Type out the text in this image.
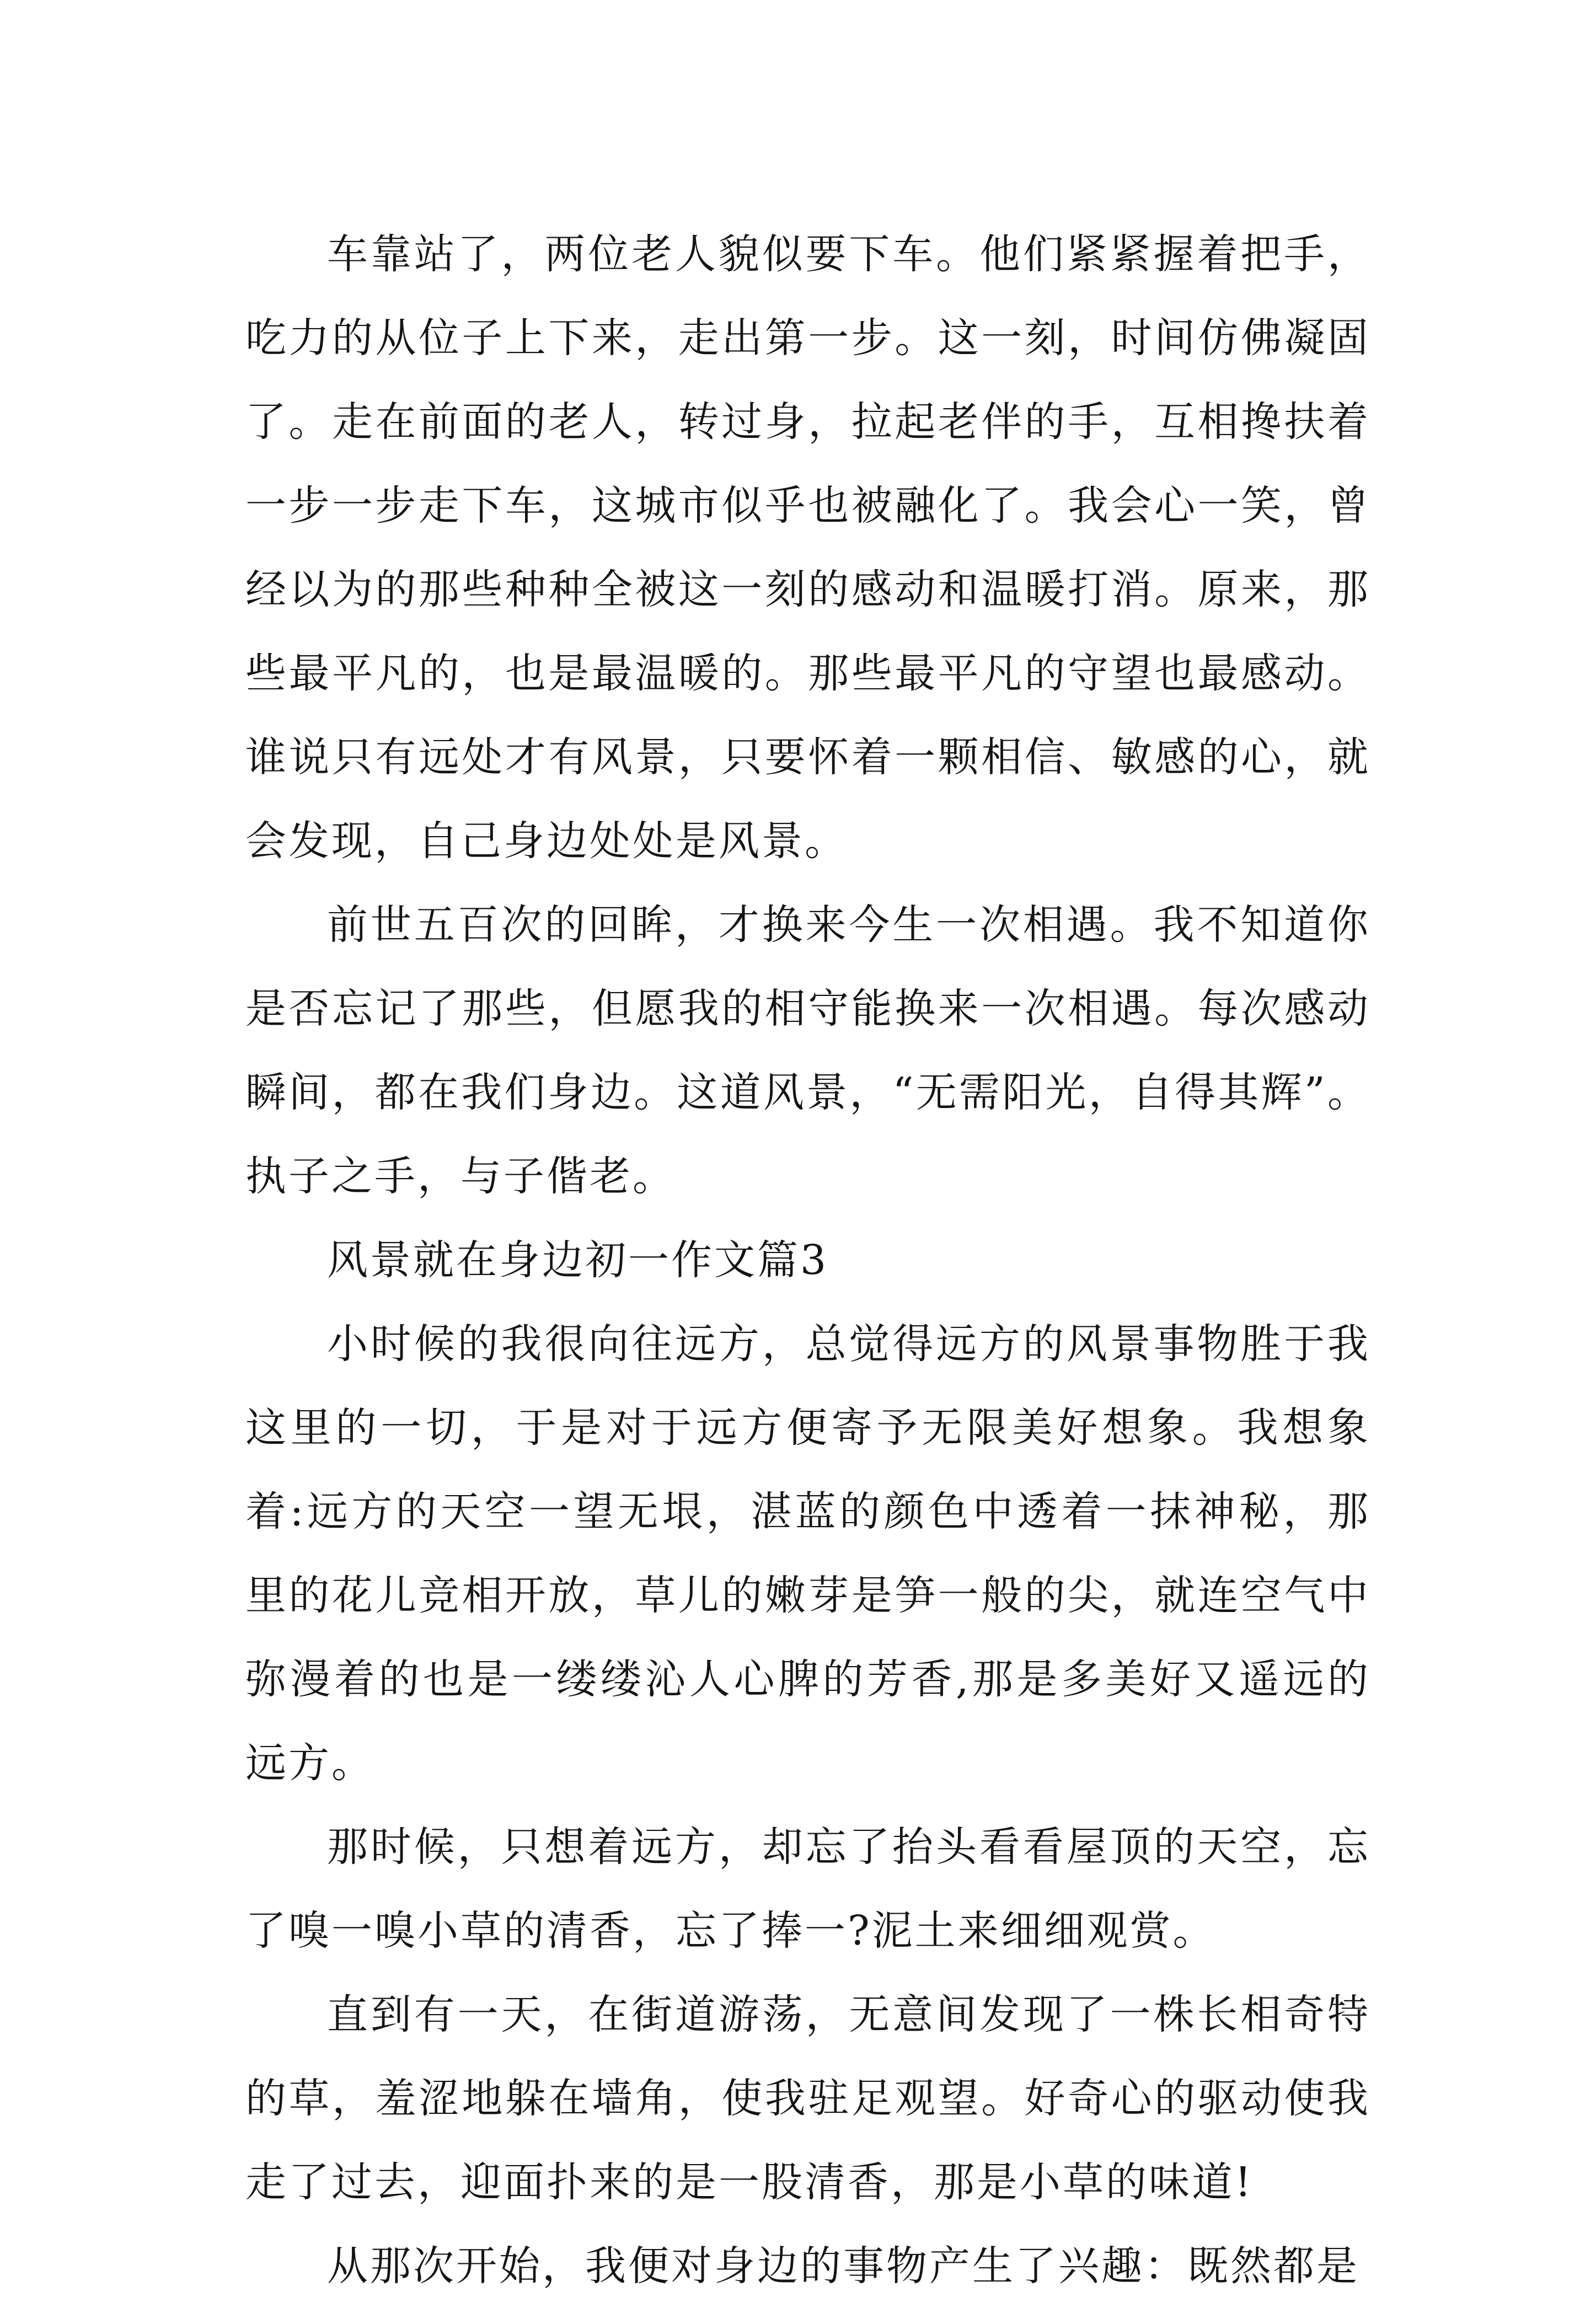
车靠站了，两位老人貌似要下车。他们紧紧握着把手，吃力的从位子上下来，走出第一步。这一刻，时间仿佛凝固了。走在前面的老人，转过身，拉起老伴的手，互相搀扶着一步一步走下车，这城市似乎也被融化了。我会心一笑，曾经以为的那些种种全被这一刻的感动和温暖打消。原来，那些最平凡的，也是最温暖的。那些最平凡的守望也最感动。谁说只有远处才有风景，只要怀着一颗相信、敏感的心，就会发现，自己身边处处是风景。

前世五百次的回眸，才换来今生一次相遇。我不知道你是否忘记了那些，但愿我的相守能换来一次相遇。每次感动瞬间，都在我们身边。这道风景，“无需阳光，自得其辉”。执子之手，与子偕老。

风景就在身边初一作文篇3

小时候的我很向往远方，总觉得远方的风景事物胜于我这里的一切，于是对于远方便寄予无限美好想象。我想象着:远方的天空一望无垠，湛蓝的颜色中透着一抹神秘，那里的花儿竞相开放，草儿的嫩芽是笋一般的尖，就连空气中弥漫着的也是一缕缕沁人心脾的芳香,那是多美好又遥远的远方。

那时候，只想着远方，却忘了抬头看看屋顶的天空，忘了嗅一嗅小草的清香，忘了捧一?泥土来细细观赏。

直到有一天，在街道游荡，无意间发现了一株长相奇特的草，羞涩地躲在墙角，使我驻足观望。好奇心的驱动使我走了过去，迎面扑来的是一股清香，那是小草的味道!

从那次开始，我便对身边的事物产生了兴趣：既然都是
